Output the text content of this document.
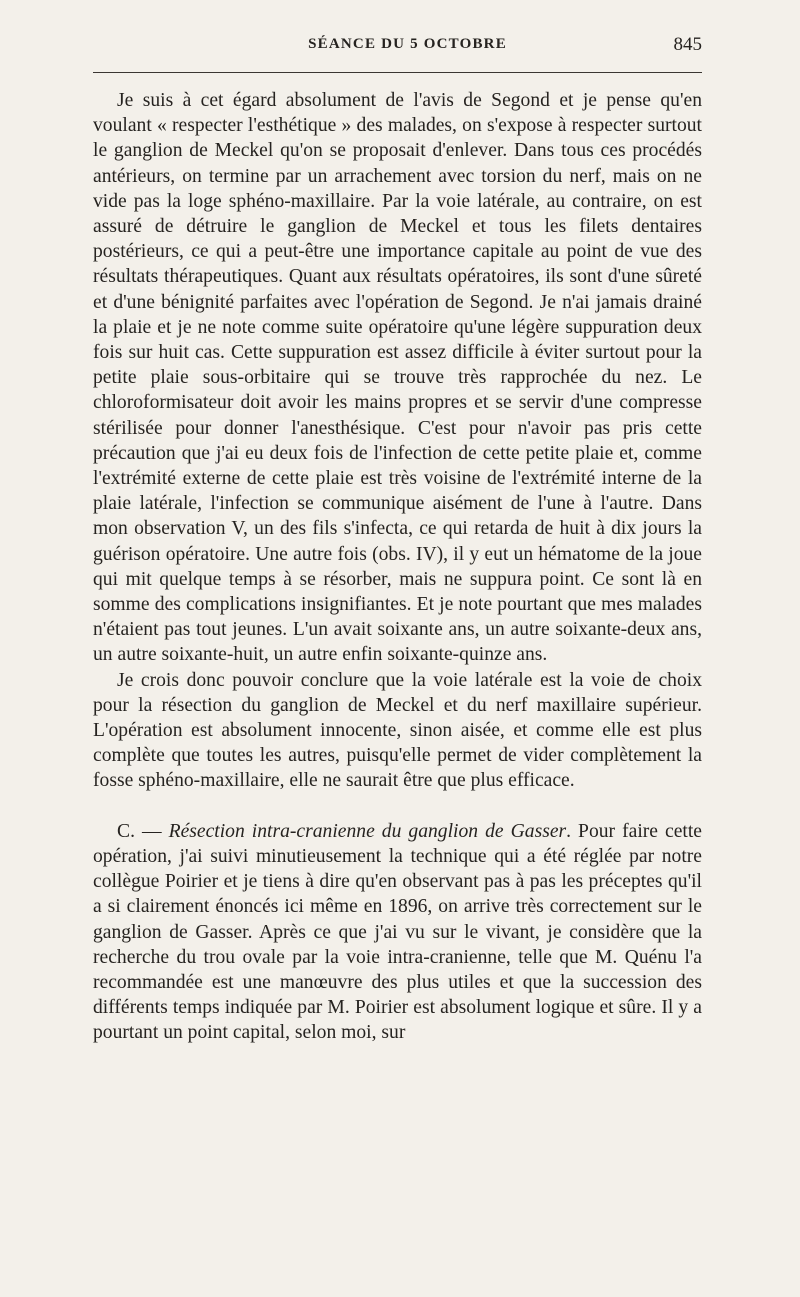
SÉANCE DU 5 OCTOBRE	845

Je suis à cet égard absolument de l'avis de Segond et je pense qu'en voulant « respecter l'esthétique » des malades, on s'expose à respecter surtout le ganglion de Meckel qu'on se proposait d'enlever. Dans tous ces procédés antérieurs, on termine par un arrachement avec torsion du nerf, mais on ne vide pas la loge sphéno-maxillaire. Par la voie latérale, au contraire, on est assuré de détruire le ganglion de Meckel et tous les filets dentaires postérieurs, ce qui a peut-être une importance capitale au point de vue des résultats thérapeutiques. Quant aux résultats opératoires, ils sont d'une sûreté et d'une bénignité parfaites avec l'opération de Segond. Je n'ai jamais drainé la plaie et je ne note comme suite opératoire qu'une légère suppuration deux fois sur huit cas. Cette suppuration est assez difficile à éviter surtout pour la petite plaie sous-orbitaire qui se trouve très rapprochée du nez. Le chloroformisateur doit avoir les mains propres et se servir d'une compresse stérilisée pour donner l'anesthésique. C'est pour n'avoir pas pris cette précaution que j'ai eu deux fois de l'infection de cette petite plaie et, comme l'extrémité externe de cette plaie est très voisine de l'extrémité interne de la plaie latérale, l'infection se communique aisément de l'une à l'autre. Dans mon observation V, un des fils s'infecta, ce qui retarda de huit à dix jours la guérison opératoire. Une autre fois (obs. IV), il y eut un hématome de la joue qui mit quelque temps à se résorber, mais ne suppura point. Ce sont là en somme des complications insignifiantes. Et je note pourtant que mes malades n'étaient pas tout jeunes. L'un avait soixante ans, un autre soixante-deux ans, un autre soixante-huit, un autre enfin soixante-quinze ans.

Je crois donc pouvoir conclure que la voie latérale est la voie de choix pour la résection du ganglion de Meckel et du nerf maxillaire supérieur. L'opération est absolument innocente, sinon aisée, et comme elle est plus complète que toutes les autres, puisqu'elle permet de vider complètement la fosse sphéno-maxillaire, elle ne saurait être que plus efficace.

C. — Résection intra-cranienne du ganglion de Gasser. Pour faire cette opération, j'ai suivi minutieusement la technique qui a été réglée par notre collègue Poirier et je tiens à dire qu'en observant pas à pas les préceptes qu'il a si clairement énoncés ici même en 1896, on arrive très correctement sur le ganglion de Gasser. Après ce que j'ai vu sur le vivant, je considère que la recherche du trou ovale par la voie intra-cranienne, telle que M. Quénu l'a recommandée est une manœuvre des plus utiles et que la succession des différents temps indiquée par M. Poirier est absolument logique et sûre. Il y a pourtant un point capital, selon moi, sur
